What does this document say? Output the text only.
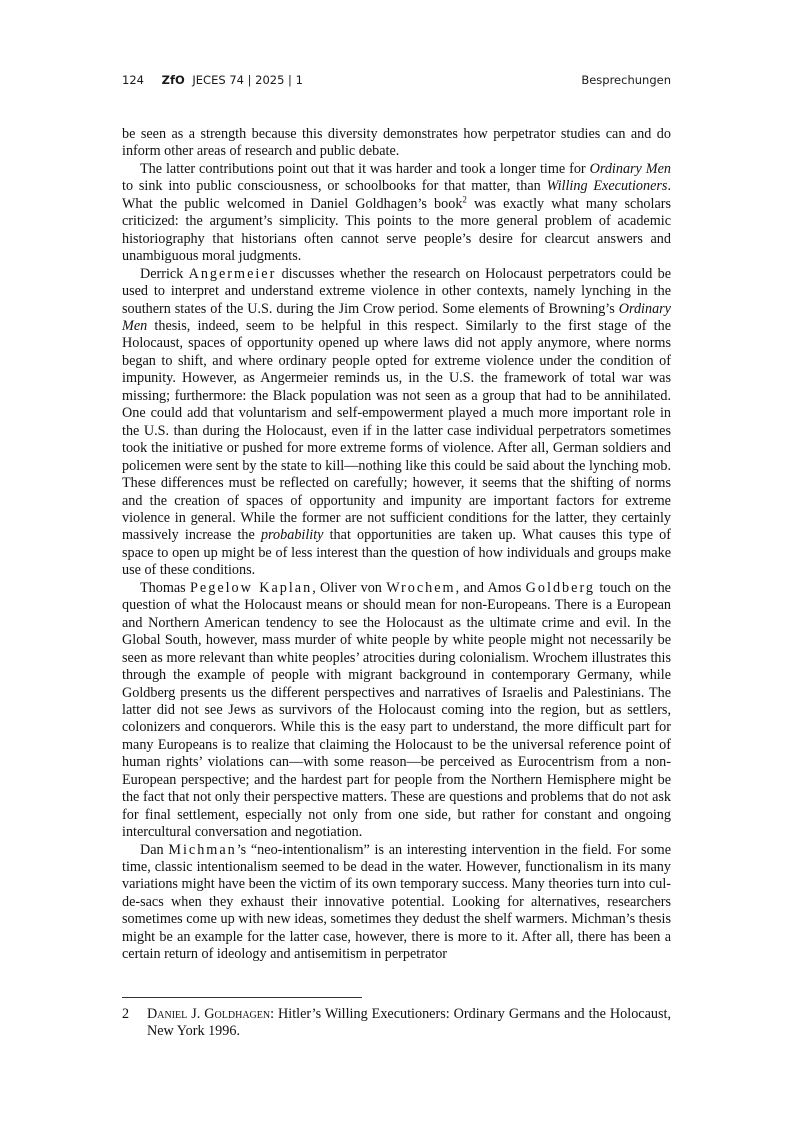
124 ZfO JECES 74 | 2025 | 1	Besprechungen

be seen as a strength because this diversity demonstrates how perpetrator studies can and do inform other areas of research and public debate.

The latter contributions point out that it was harder and took a longer time for Ordinary Men to sink into public consciousness, or schoolbooks for that matter, than Willing Executioners. What the public welcomed in Daniel Goldhagen’s book$^2$ was exactly what many scholars criticized: the argument’s simplicity. This points to the more general problem of academic historiography that historians often cannot serve people’s desire for clearcut answers and unambiguous moral judgments.

Derrick Angermeier discusses whether the research on Holocaust perpetrators could be used to interpret and understand extreme violence in other contexts, namely lynching in the southern states of the U.S. during the Jim Crow period. Some elements of Browning’s Ordinary Men thesis, indeed, seem to be helpful in this respect. Similarly to the first stage of the Holocaust, spaces of opportunity opened up where laws did not apply anymore, where norms began to shift, and where ordinary people opted for extreme violence under the condition of impunity. However, as Angermeier reminds us, in the U.S. the framework of total war was missing; furthermore: the Black population was not seen as a group that had to be annihilated. One could add that voluntarism and self-empowerment played a much more important role in the U.S. than during the Holocaust, even if in the latter case individual perpetrators sometimes took the initiative or pushed for more extreme forms of violence. After all, German soldiers and policemen were sent by the state to kill—nothing like this could be said about the lynching mob. These differences must be reflected on carefully; however, it seems that the shifting of norms and the creation of spaces of opportunity and impunity are important factors for extreme violence in general. While the former are not sufficient conditions for the latter, they certainly massively increase the probability that opportunities are taken up. What causes this type of space to open up might be of less interest than the question of how individuals and groups make use of these conditions.

Thomas Pegelow Kaplan, Oliver von Wrochem, and Amos Goldberg touch on the question of what the Holocaust means or should mean for non-Europeans. There is a European and Northern American tendency to see the Holocaust as the ultimate crime and evil. In the Global South, however, mass murder of white people by white people might not necessarily be seen as more relevant than white peoples’ atrocities during colonialism. Wrochem illustrates this through the example of people with migrant background in contemporary Germany, while Goldberg presents us the different perspectives and narratives of Israelis and Palestinians. The latter did not see Jews as survivors of the Holocaust coming into the region, but as settlers, colonizers and conquerors. While this is the easy part to understand, the more difficult part for many Europeans is to realize that claiming the Holocaust to be the universal reference point of human rights’ violations can—with some reason—be perceived as Eurocentrism from a non-European perspective; and the hardest part for people from the Northern Hemisphere might be the fact that not only their perspective matters. These are questions and problems that do not ask for final settlement, especially not only from one side, but rather for constant and ongoing intercultural conversation and negotiation.

Dan Michman’s “neo-intentionalism” is an interesting intervention in the field. For some time, classic intentionalism seemed to be dead in the water. However, functionalism in its many variations might have been the victim of its own temporary success. Many theories turn into cul-de-sacs when they exhaust their innovative potential. Looking for alternatives, researchers sometimes come up with new ideas, sometimes they dedust the shelf warmers. Michman’s thesis might be an example for the latter case, however, there is more to it. After all, there has been a certain return of ideology and antisemitism in perpetrator

2 Daniel J. Goldhagen: Hitler’s Willing Executioners: Ordinary Germans and the Holocaust, New York 1996.
